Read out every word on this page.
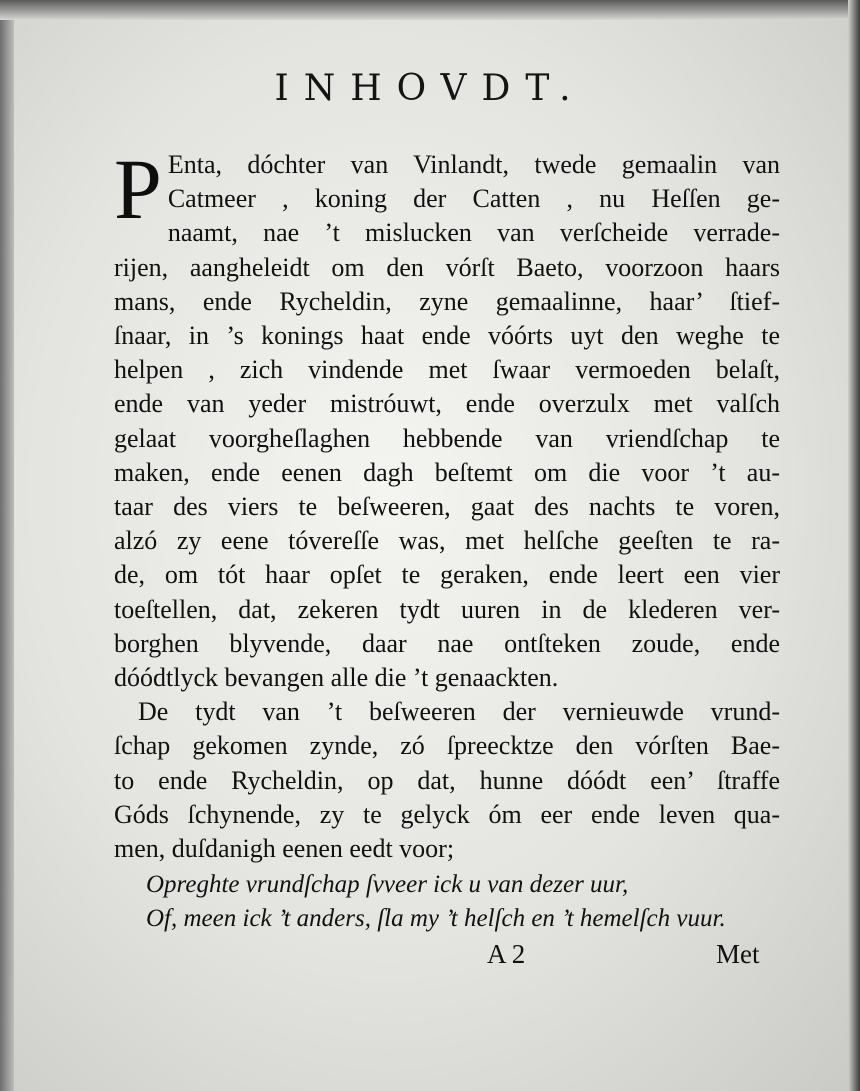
INHOVDT.
P Enta, dóchter van Vinlandt, twede gemaalin van
Catmeer , koning der Catten , nu Heſſen ge-
naamt, nae ’t mislucken van verſcheide verrade-
rijen, aangheleidt om den vórſt Baeto, voorzoon haars
mans, ende Rycheldin, zyne gemaalinne, haar’ ſtief-
ſnaar, in ’s konings haat ende vóórts uyt den weghe te
helpen , zich vindende met ſwaar vermoeden belaſt,
ende van yeder mistróuwt, ende overzulx met valſch
gelaat voorgheſlaghen hebbende van vriendſchap te
maken, ende eenen dagh beſtemt om die voor ’t au-
taar des viers te beſweeren, gaat des nachts te voren,
alzó zy eene tóvereſſe was, met helſche geeſten te ra-
de, om tót haar opſet te geraken, ende leert een vier
toeſtellen, dat, zekeren tydt uuren in de klederen ver-
borghen blyvende, daar nae ontſteken zoude, ende
dóódtlyck bevangen alle die ’t genaackten.
De tydt van ’t beſweeren der vernieuwde vrund-
ſchap gekomen zynde, zó ſpreecktze den vórſten Bae-
to ende Rycheldin, op dat, hunne dóódt een’ ſtraffe
Góds ſchynende, zy te gelyck óm eer ende leven qua-
men, duſdanigh eenen eedt voor;
Opreghte vrundſchap ſvveer ick u van dezer uur,
Of, meen ick ’t anders, ſla my ’t helſch en ’t hemelſch vuur.
A 2	Met
